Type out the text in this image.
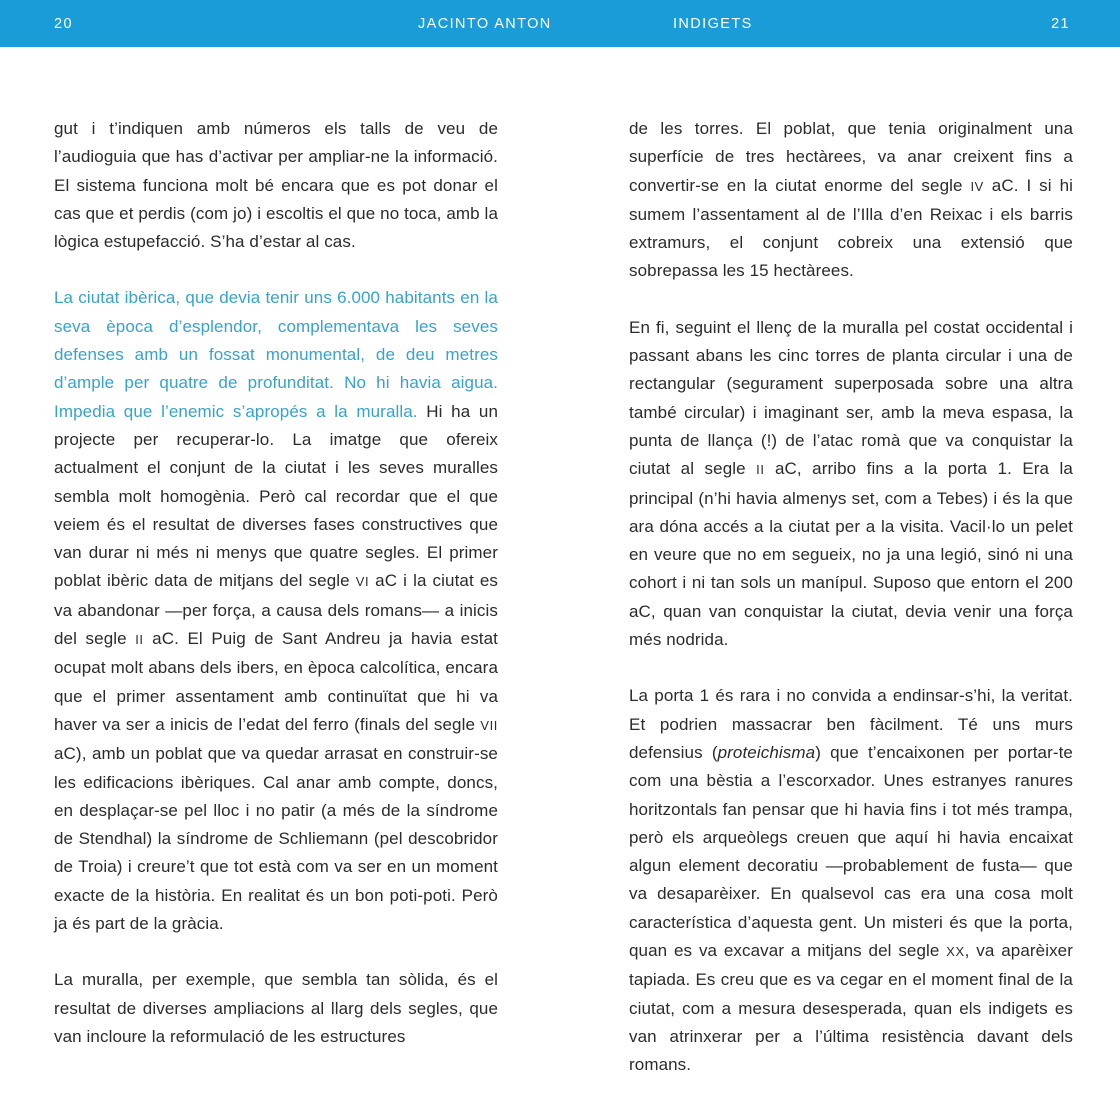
20	JACINTO ANTON	INDIGETS	21

gut i t’indiquen amb números els talls de veu de l’audioguia que has d’activar per ampliar-ne la informació. El sistema funciona molt bé encara que es pot donar el cas que et perdis (com jo) i escoltis el que no toca, amb la lògica estupefacció. S’ha d’estar al cas.

La ciutat ibèrica, que devia tenir uns 6.000 habitants en la seva època d’esplendor, complementava les seves defenses amb un fossat monumental, de deu metres d’ample per quatre de profunditat. No hi havia aigua. Impedia que l’enemic s’apropés a la muralla. Hi ha un projecte per recuperar-lo. La imatge que ofereix actualment el conjunt de la ciutat i les seves muralles sembla molt homogènia. Però cal recordar que el que veiem és el resultat de diverses fases constructives que van durar ni més ni menys que quatre segles. El primer poblat ibèric data de mitjans del segle VI aC i la ciutat es va abandonar —per força, a causa dels romans— a inicis del segle II aC. El Puig de Sant Andreu ja havia estat ocupat molt abans dels ibers, en època calcolítica, encara que el primer assentament amb continuïtat que hi va haver va ser a inicis de l’edat del ferro (finals del segle VII aC), amb un poblat que va quedar arrasat en construir-se les edificacions ibèriques. Cal anar amb compte, doncs, en desplaçar-se pel lloc i no patir (a més de la síndrome de Stendhal) la síndrome de Schliemann (pel descobridor de Troia) i creure’t que tot està com va ser en un moment exacte de la història. En realitat és un bon poti-poti. Però ja és part de la gràcia.

La muralla, per exemple, que sembla tan sòlida, és el resultat de diverses ampliacions al llarg dels segles, que van incloure la reformulació de les estructures

de les torres. El poblat, que tenia originalment una superfície de tres hectàrees, va anar creixent fins a convertir-se en la ciutat enorme del segle IV aC. I si hi sumem l’assentament al de l’Illa d’en Reixac i els barris extramurs, el conjunt cobreix una extensió que sobrepassa les 15 hectàrees.

En fi, seguint el llenç de la muralla pel costat occidental i passant abans les cinc torres de planta circular i una de rectangular (segurament superposada sobre una altra també circular) i imaginant ser, amb la meva espasa, la punta de llança (!) de l’atac romà que va conquistar la ciutat al segle II aC, arribo fins a la porta 1. Era la principal (n’hi havia almenys set, com a Tebes) i és la que ara dóna accés a la ciutat per a la visita. Vacil·lo un pelet en veure que no em segueix, no ja una legió, sinó ni una cohort i ni tan sols un manípul. Suposo que entorn el 200 aC, quan van conquistar la ciutat, devia venir una força més nodrida.

La porta 1 és rara i no convida a endinsar-s’hi, la veritat. Et podrien massacrar ben fàcilment. Té uns murs defensius (proteichisma) que t’encaixonen per portar-te com una bèstia a l’escorxador. Unes estranyes ranures horitzontals fan pensar que hi havia fins i tot més trampa, però els arqueòlegs creuen que aquí hi havia encaixat algun element decoratiu —probablement de fusta— que va desaparèixer. En qualsevol cas era una cosa molt característica d’aquesta gent. Un misteri és que la porta, quan es va excavar a mitjans del segle XX, va aparèixer tapiada. Es creu que es va cegar en el moment final de la ciutat, com a mesura desesperada, quan els indigets es van atrinxerar per a l’última resistència davant dels romans.
